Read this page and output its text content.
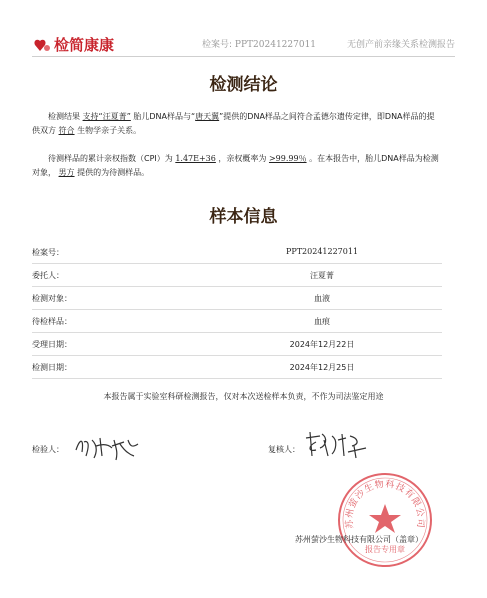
检简康康	检案号: PPT20241227011	无创产前亲缘关系检测报告
检测结论
检测结果 支持“汪夏菁” 胎儿DNA样品与“唐天翼”提供的DNA样品之间符合孟德尔遗传定律，即DNA样品的提供双方 符合 生物学亲子关系。
待测样品的累计亲权指数（CPI）为 1.47E+36 ，亲权概率为 >99.99％ 。在本报告中，胎儿DNA样品为检测对象， 男方 提供的为待测样品。
样本信息
检案号：	PPT20241227011
委托人：	汪夏菁
检测对象：	血液
待检样品：	血痕
受理日期：	2024年12月22日
检测日期：	2024年12月25日
本报告属于实验室科研检测报告，仅对本次送检样本负责，不作为司法鉴定用途
检验人：	复核人：
苏州萤沙生物科技有限公司
报告专用章
苏州萤沙生物科技有限公司（盖章）
